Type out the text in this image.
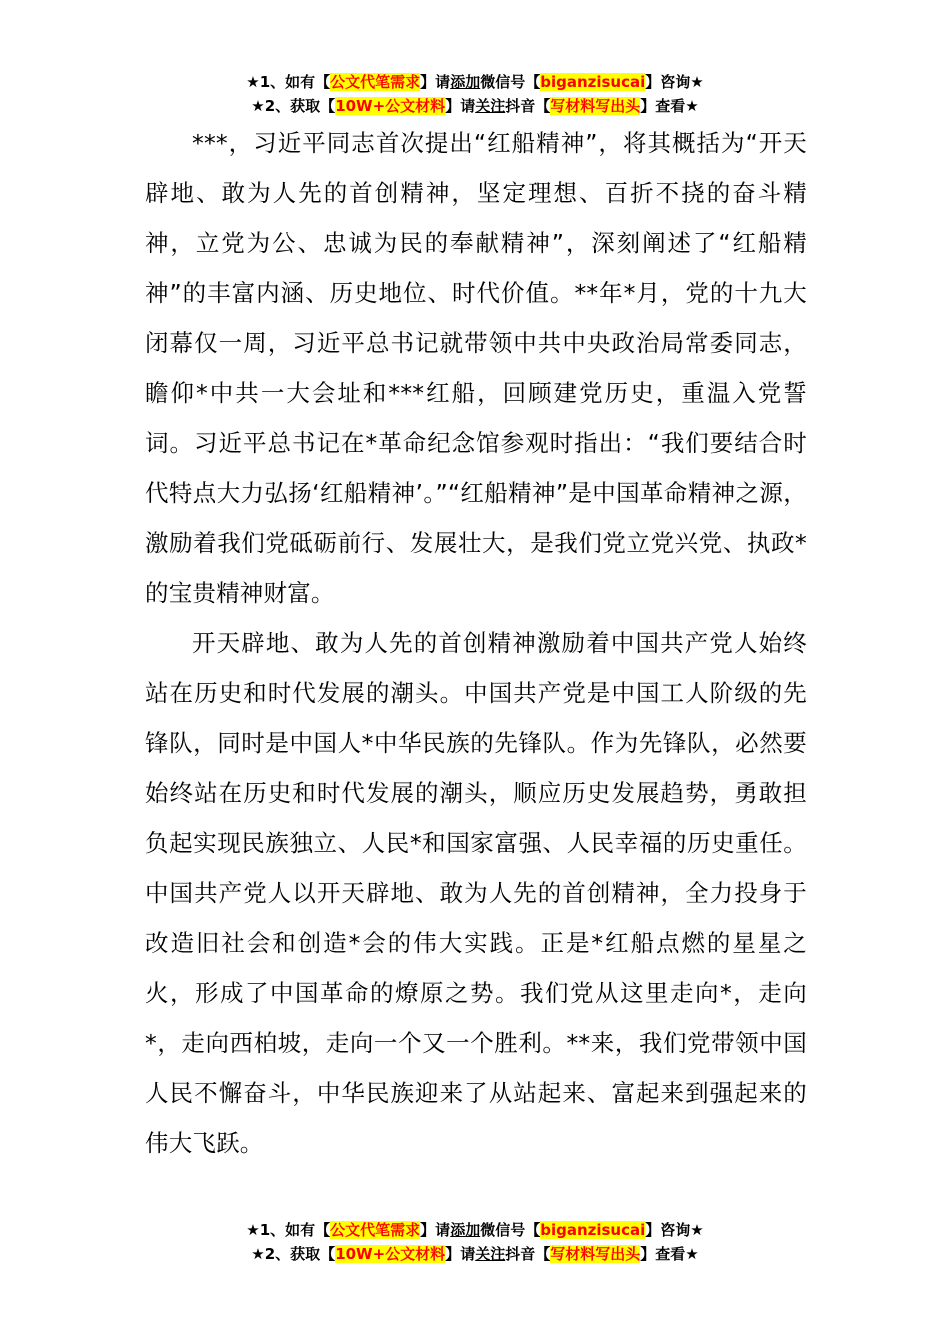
★1、如有【公文代笔需求】请添加微信号【biganzisucai】咨询★
★2、获取【10W+公文材料】请关注抖音【写材料写出头】查看★

***，习近平同志首次提出“红船精神”，将其概括为“开天辟地、敢为人先的首创精神，坚定理想、百折不挠的奋斗精神，立党为公、忠诚为民的奉献精神”，深刻阐述了“红船精神”的丰富内涵、历史地位、时代价值。**年*月，党的十九大闭幕仅一周，习近平总书记就带领中共中央政治局常委同志，瞻仰*中共一大会址和***红船，回顾建党历史，重温入党誓词。习近平总书记在*革命纪念馆参观时指出：“我们要结合时代特点大力弘扬‘红船精神’。”“红船精神”是中国革命精神之源，激励着我们党砥砺前行、发展壮大，是我们党立党兴党、执政*的宝贵精神财富。

开天辟地、敢为人先的首创精神激励着中国共产党人始终站在历史和时代发展的潮头。中国共产党是中国工人阶级的先锋队，同时是中国人*中华民族的先锋队。作为先锋队，必然要始终站在历史和时代发展的潮头，顺应历史发展趋势，勇敢担负起实现民族独立、人民*和国家富强、人民幸福的历史重任。中国共产党人以开天辟地、敢为人先的首创精神，全力投身于改造旧社会和创造*会的伟大实践。正是*红船点燃的星星之火，形成了中国革命的燎原之势。我们党从这里走向*，走向*，走向西柏坡，走向一个又一个胜利。**来，我们党带领中国人民不懈奋斗，中华民族迎来了从站起来、富起来到强起来的伟大飞跃。

★1、如有【公文代笔需求】请添加微信号【biganzisucai】咨询★
★2、获取【10W+公文材料】请关注抖音【写材料写出头】查看★
